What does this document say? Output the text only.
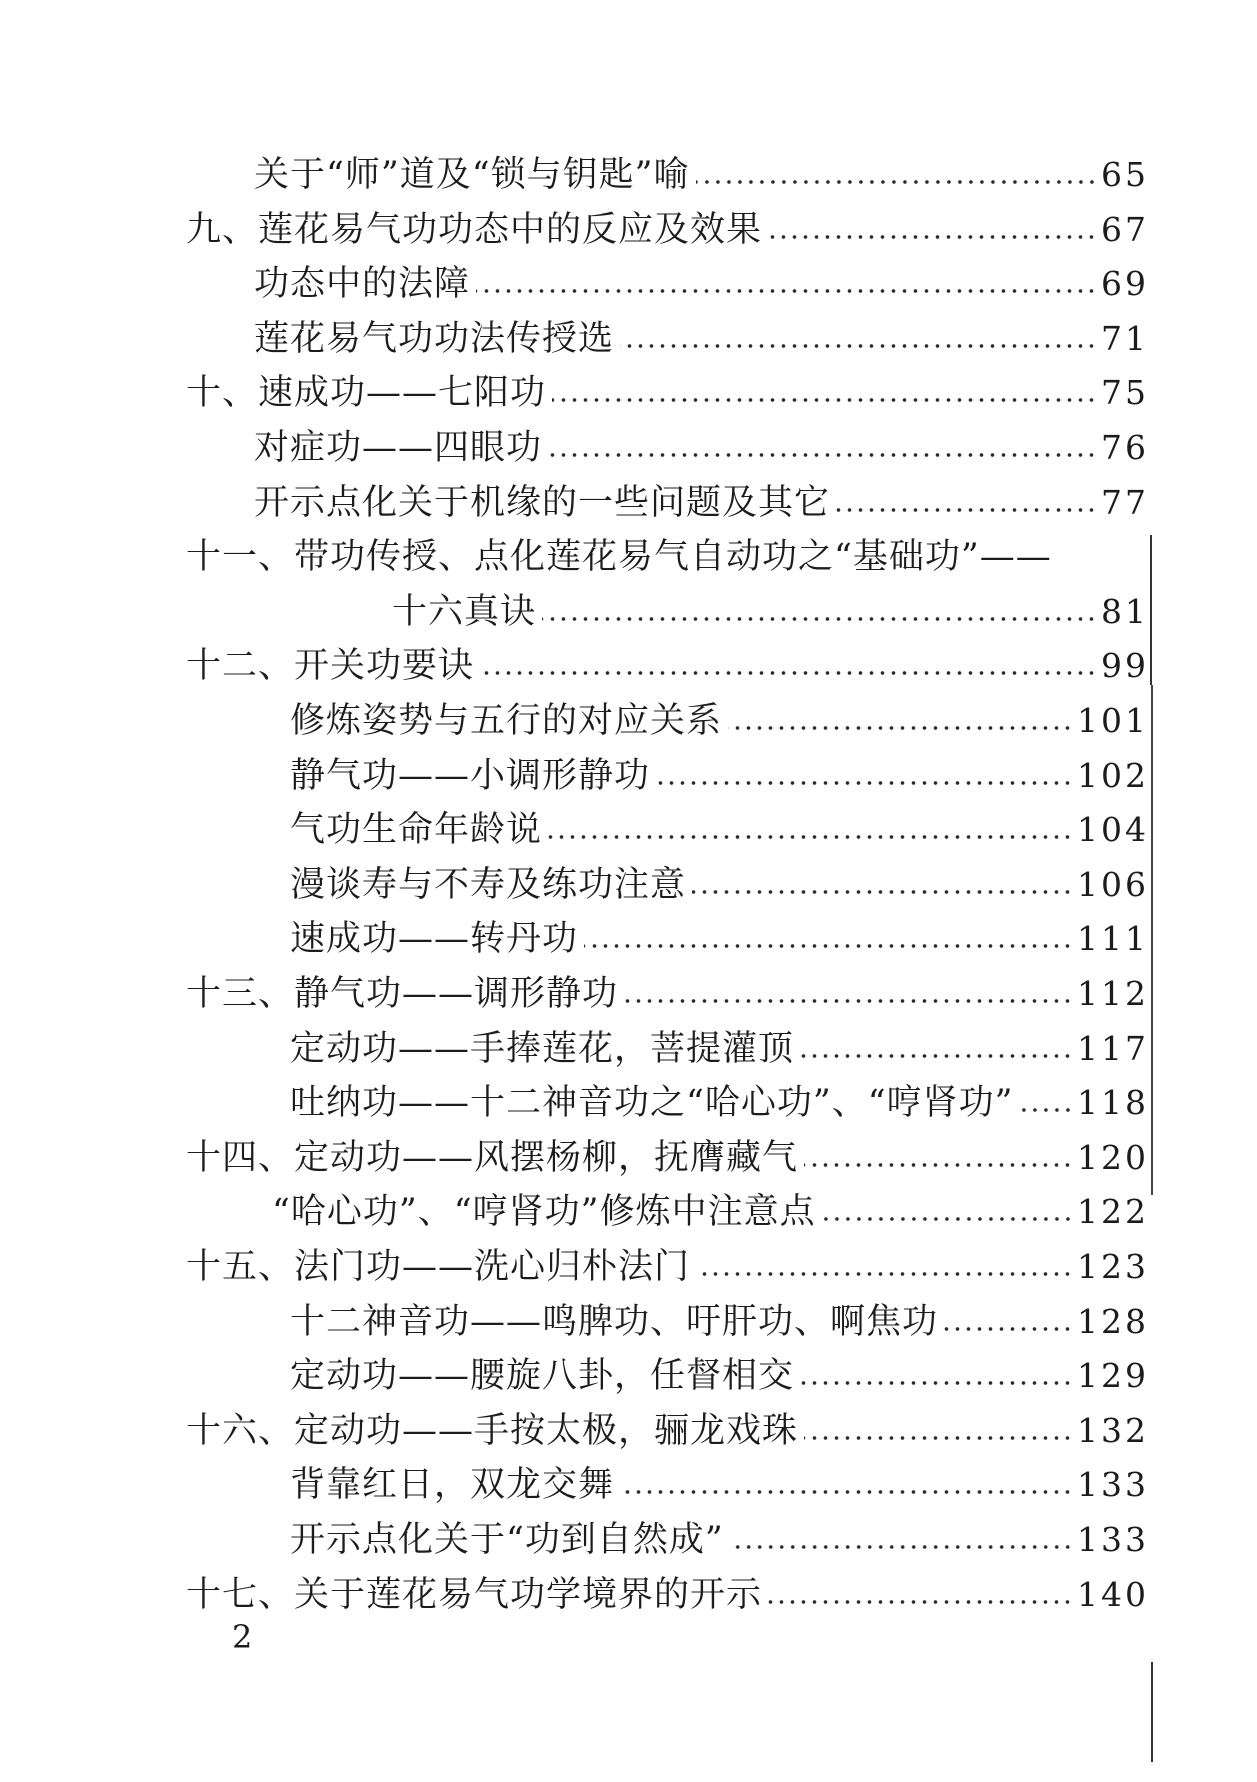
关于“师”道及“锁与钥匙”喻	65
九、莲花易气功功态中的反应及效果	67
功态中的法障	69
莲花易气功功法传授选	71
十、速成功——七阳功	75
对症功——四眼功	76
开示点化关于机缘的一些问题及其它	77
十一、带功传授、点化莲花易气自动功之“基础功”——
十六真诀	81
十二、开关功要诀	99
修炼姿势与五行的对应关系	101
静气功——小调形静功	102
气功生命年龄说	104
漫谈寿与不寿及练功注意	106
速成功——转丹功	111
十三、静气功——调形静功	112
定动功——手捧莲花，菩提灌顶	117
吐纳功——十二神音功之“哈心功”、“哼肾功” 118
十四、定动功——风摆杨柳，抚膺藏气	120
“哈心功”、“哼肾功”修炼中注意点	122
十五、法门功——洗心归朴法门	123
十二神音功——鸣脾功、吁肝功、啊焦功	128
定动功——腰旋八卦，任督相交	129
十六、定动功——手按太极，骊龙戏珠	132
背靠红日，双龙交舞	133
开示点化关于“功到自然成”	133
十七、关于莲花易气功学境界的开示	140
2
